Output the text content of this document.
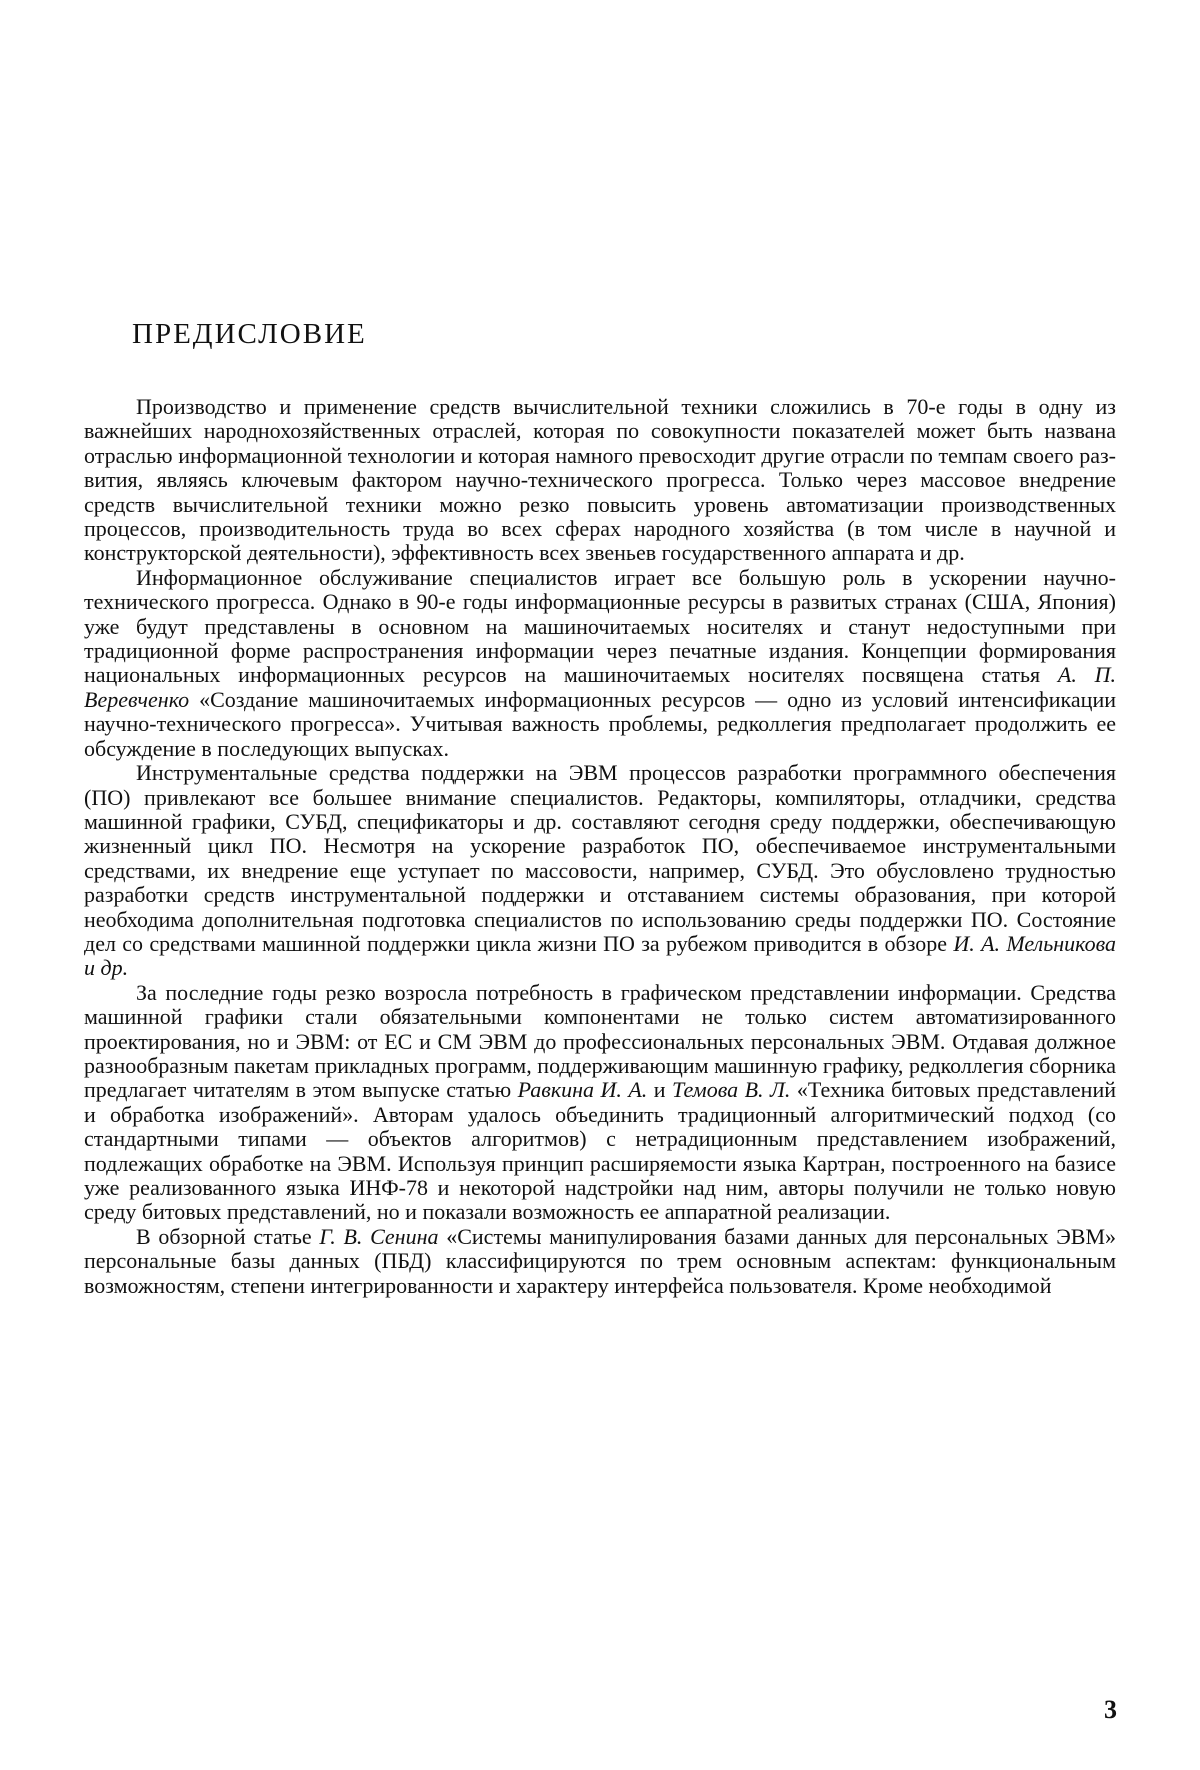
ПРЕДИСЛОВИЕ

Производство и применение средств вычислительной техники сложились в 70-е годы в одну из важнейших народнохозяйственных отраслей, которая по совокупности показателей может быть названа отраслью информационной технологии и которая намного превосходит другие отрасли по темпам своего развития, являясь ключевым фактором научно-технического прогресса. Только через массовое внедрение средств вычислительной техники можно резко повысить уровень автоматизации производственных процессов, производительность труда во всех сферах народного хозяйства (в том числе в научной и конструкторской деятельности), эффективность всех звеньев государственного аппарата и др.

Информационное обслуживание специалистов играет все большую роль в ускорении научно-технического прогресса. Однако в 90-е годы информационные ресурсы в развитых странах (США, Япония) уже будут представлены в основном на машиночитаемых носителях и станут недоступными при традиционной форме распространения информации через печатные издания. Концепции формирования национальных информационных ресурсов на машиночитаемых носителях посвящена статья А. П. Веревченко «Создание машиночитаемых информационных ресурсов — одно из условий интенсификации научно-технического прогресса». Учитывая важность проблемы, редколлегия предполагает продолжить ее обсуждение в последующих выпусках.

Инструментальные средства поддержки на ЭВМ процессов разработки программного обеспечения (ПО) привлекают все большее внимание специалистов. Редакторы, компиляторы, отладчики, средства машинной графики, СУБД, спецификаторы и др. составляют сегодня среду поддержки, обеспечивающую жизненный цикл ПО. Несмотря на ускорение разработок ПО, обеспечиваемое инструментальными средствами, их внедрение еще уступает по массовости, например, СУБД. Это обусловлено трудностью разработки средств инструментальной поддержки и отставанием системы образования, при которой необходима дополнительная подготовка специалистов по использованию среды поддержки ПО. Состояние дел со средствами машинной поддержки цикла жизни ПО за рубежом приводится в обзоре И. А. Мельникова и др.

За последние годы резко возросла потребность в графическом представлении информации. Средства машинной графики стали обязательными компонентами не только систем автоматизированного проектирования, но и ЭВМ: от ЕС и СМ ЭВМ до профессиональных персональных ЭВМ. Отдавая должное разнообразным пакетам прикладных программ, поддерживающим машинную графику, редколлегия сборника предлагает читателям в этом выпуске статью Равкина И. А. и Темова В. Л. «Техника битовых представлений и обработка изображений». Авторам удалось объединить традиционный алгоритмический подход (со стандартными типами — объектов алгоритмов) с нетрадиционным представлением изображений, подлежащих обработке на ЭВМ. Используя принцип расширяемости языка Картран, построенного на базисе уже реализованного языка ИНФ-78 и некоторой надстройки над ним, авторы получили не только новую среду битовых представлений, но и показали возможность ее аппаратной реализации.

В обзорной статье Г. В. Сенина «Системы манипулирования базами данных для персональных ЭВМ» персональные базы данных (ПБД) классифицируются по трем основным аспектам: функциональным возможностям, степени интегрированности и характеру интерфейса пользователя. Кроме необходимой

3
